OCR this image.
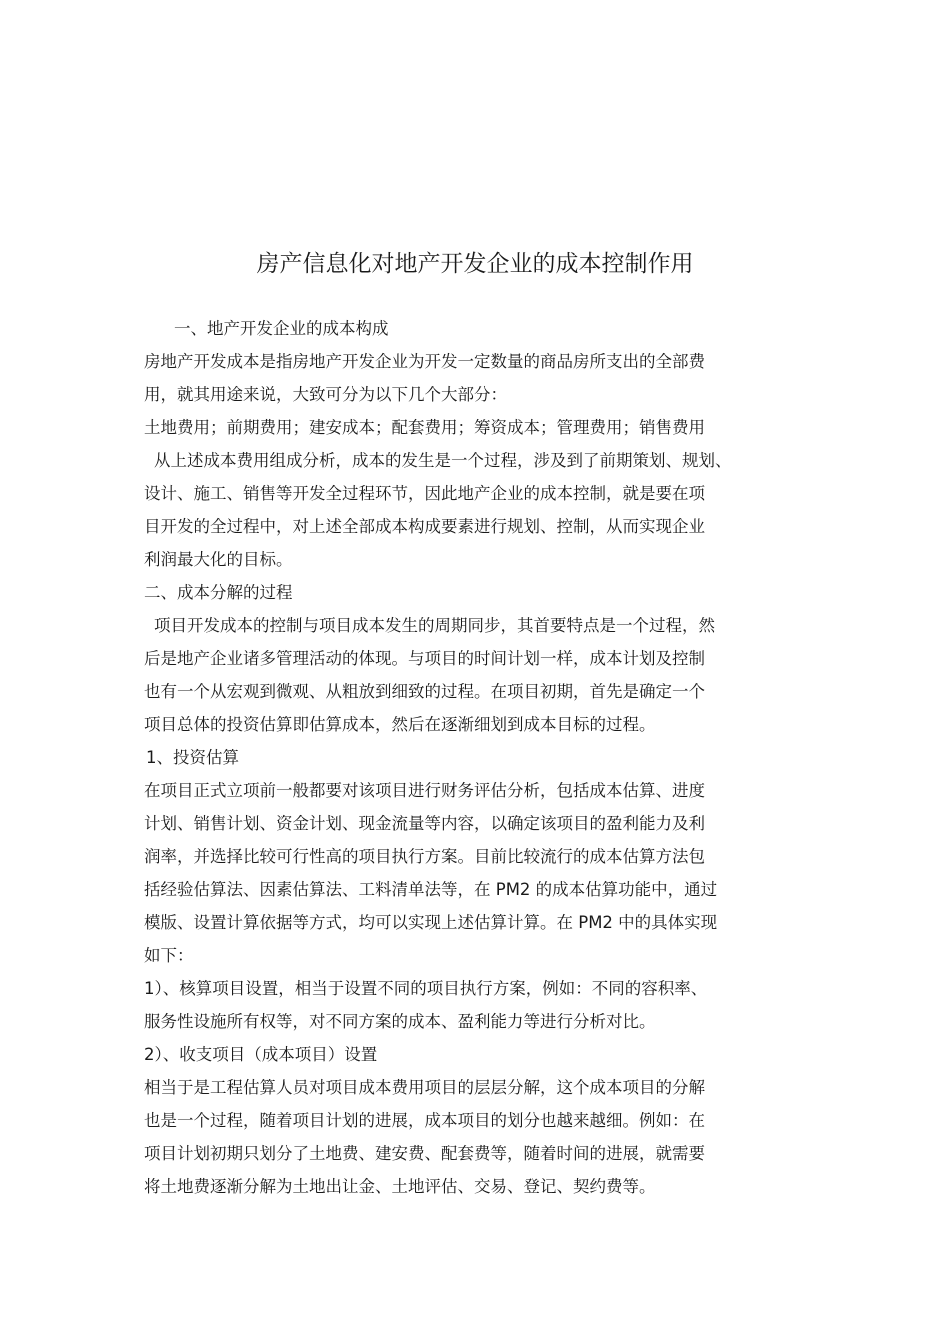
房产信息化对地产开发企业的成本控制作用
一、地产开发企业的成本构成
房地产开发成本是指房地产开发企业为开发一定数量的商品房所支出的全部费
用，就其用途来说，大致可分为以下几个大部分：
土地费用；前期费用；建安成本；配套费用；筹资成本；管理费用；销售费用
从上述成本费用组成分析，成本的发生是一个过程，涉及到了前期策划、规划、
设计、施工、销售等开发全过程环节，因此地产企业的成本控制，就是要在项
目开发的全过程中，对上述全部成本构成要素进行规划、控制，从而实现企业
利润最大化的目标。
二、成本分解的过程
项目开发成本的控制与项目成本发生的周期同步，其首要特点是一个过程，然
后是地产企业诸多管理活动的体现。与项目的时间计划一样，成本计划及控制
也有一个从宏观到微观、从粗放到细致的过程。在项目初期，首先是确定一个
项目总体的投资估算即估算成本，然后在逐渐细划到成本目标的过程。
1、投资估算
在项目正式立项前一般都要对该项目进行财务评估分析，包括成本估算、进度
计划、销售计划、资金计划、现金流量等内容，以确定该项目的盈利能力及利
润率，并选择比较可行性高的项目执行方案。目前比较流行的成本估算方法包
括经验估算法、因素估算法、工料清单法等，在 PM2 的成本估算功能中，通过
模版、设置计算依据等方式，均可以实现上述估算计算。在 PM2 中的具体实现
如下：
1）、核算项目设置，相当于设置不同的项目执行方案，例如：不同的容积率、
服务性设施所有权等，对不同方案的成本、盈利能力等进行分析对比。
2）、收支项目（成本项目）设置
相当于是工程估算人员对项目成本费用项目的层层分解，这个成本项目的分解
也是一个过程，随着项目计划的进展，成本项目的划分也越来越细。例如：在
项目计划初期只划分了土地费、建安费、配套费等，随着时间的进展，就需要
将土地费逐渐分解为土地出让金、土地评估、交易、登记、契约费等。
